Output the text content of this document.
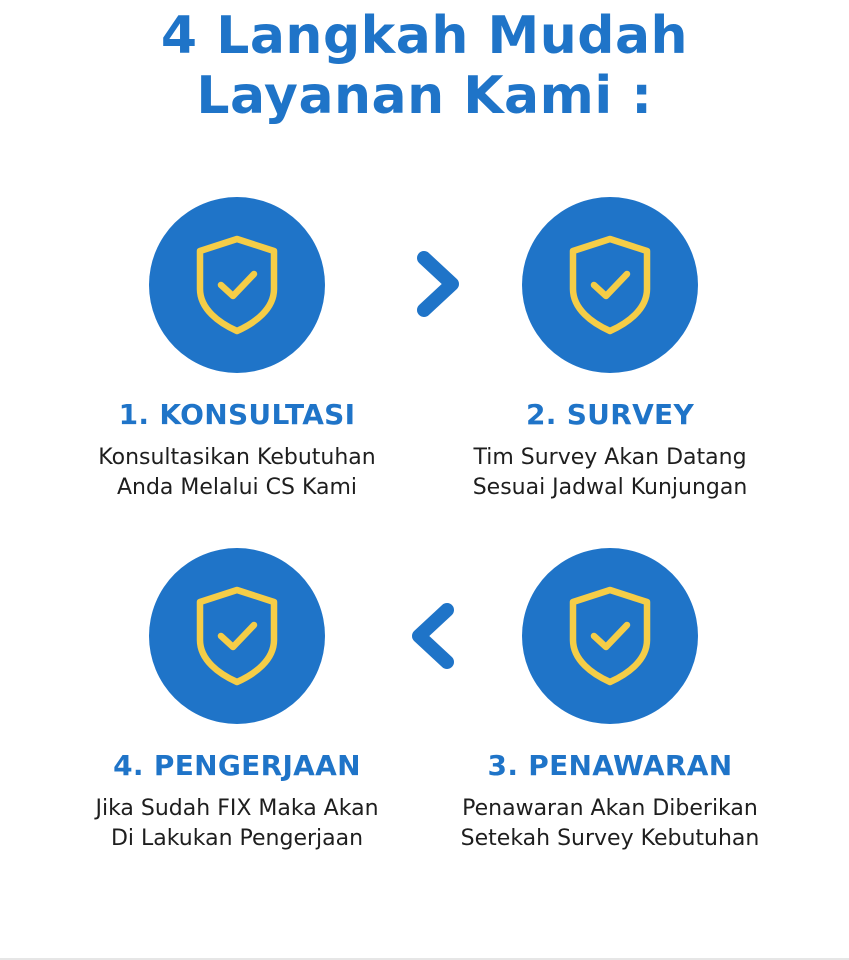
4 Langkah Mudah
Layanan Kami :
1. KONSULTASI
Konsultasikan Kebutuhan
Anda Melalui CS Kami
2. SURVEY
Tim Survey Akan Datang
Sesuai Jadwal Kunjungan
4. PENGERJAAN
Jika Sudah FIX Maka Akan
Di Lakukan Pengerjaan
3. PENAWARAN
Penawaran Akan Diberikan
Setekah Survey Kebutuhan
